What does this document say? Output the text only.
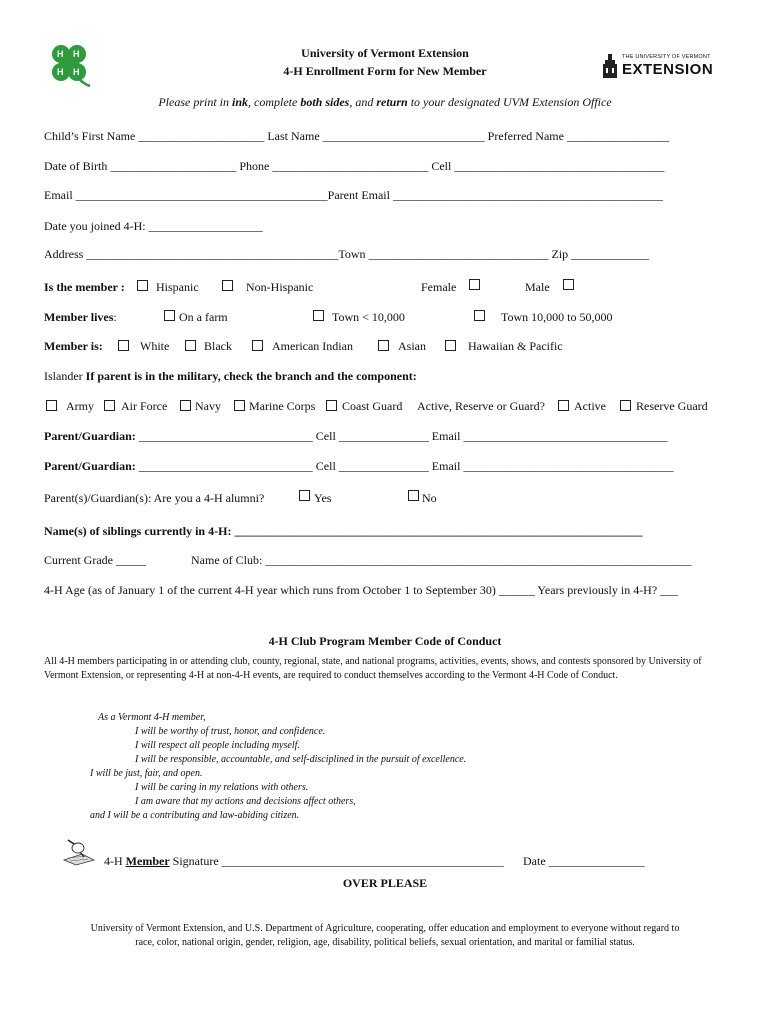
H H
H H
University of Vermont Extension
4-H Enrollment Form for New Member
THE UNIVERSITY OF VERMONT
EXTENSION
Please print in ink, complete both sides, and return to your designated UVM Extension Office
Child’s First Name _____________________ Last Name ___________________________ Preferred Name _________________
Date of Birth _____________________ Phone __________________________ Cell ___________________________________
Email __________________________________________Parent Email _____________________________________________
Date you joined 4-H: ___________________
Address __________________________________________Town ______________________________ Zip _____________
Is the member :	Hispanic	Non-Hispanic	Female	Male
Member lives:	On a farm	Town < 10,000	Town 10,000 to 50,000
Member is:	White	Black	American Indian	Asian	Hawaiian & Pacific
Islander If parent is in the military, check the branch and the component:
Army Air Force Navy Marine Corps Coast Guard Active, Reserve or Guard? Active	Reserve Guard
Parent/Guardian: _____________________________ Cell _______________ Email __________________________________
Parent/Guardian: _____________________________ Cell _______________ Email ___________________________________
Parent(s)/Guardian(s): Are you a 4-H alumni?	Yes	No
Name(s) of siblings currently in 4-H: ____________________________________________________________________
Current Grade _____	Name of Club: _______________________________________________________________________
4-H Age (as of January 1 of the current 4-H year which runs from October 1 to September 30) ______ Years previously in 4-H? ___
4-H Club Program Member Code of Conduct
All 4-H members participating in or attending club, county, regional, state, and national programs, activities, events, shows, and contests sponsored by University of Vermont Extension, or representing 4-H at non-4-H events, are required to conduct themselves according to the Vermont 4-H Code of Conduct.
As a Vermont 4-H member,
I will be worthy of trust, honor, and confidence.
I will respect all people including myself.
I will be responsible, accountable, and self-disciplined in the pursuit of excellence.
I will be just, fair, and open.
I will be caring in my relations with others.
I am aware that my actions and decisions affect others,
and I will be a contributing and law-abiding citizen.
4-H Member Signature _______________________________________________ Date ________________
OVER PLEASE
University of Vermont Extension, and U.S. Department of Agriculture, cooperating, offer education and employment to everyone without regard to
race, color, national origin, gender, religion, age, disability, political beliefs, sexual orientation, and marital or familial status.
